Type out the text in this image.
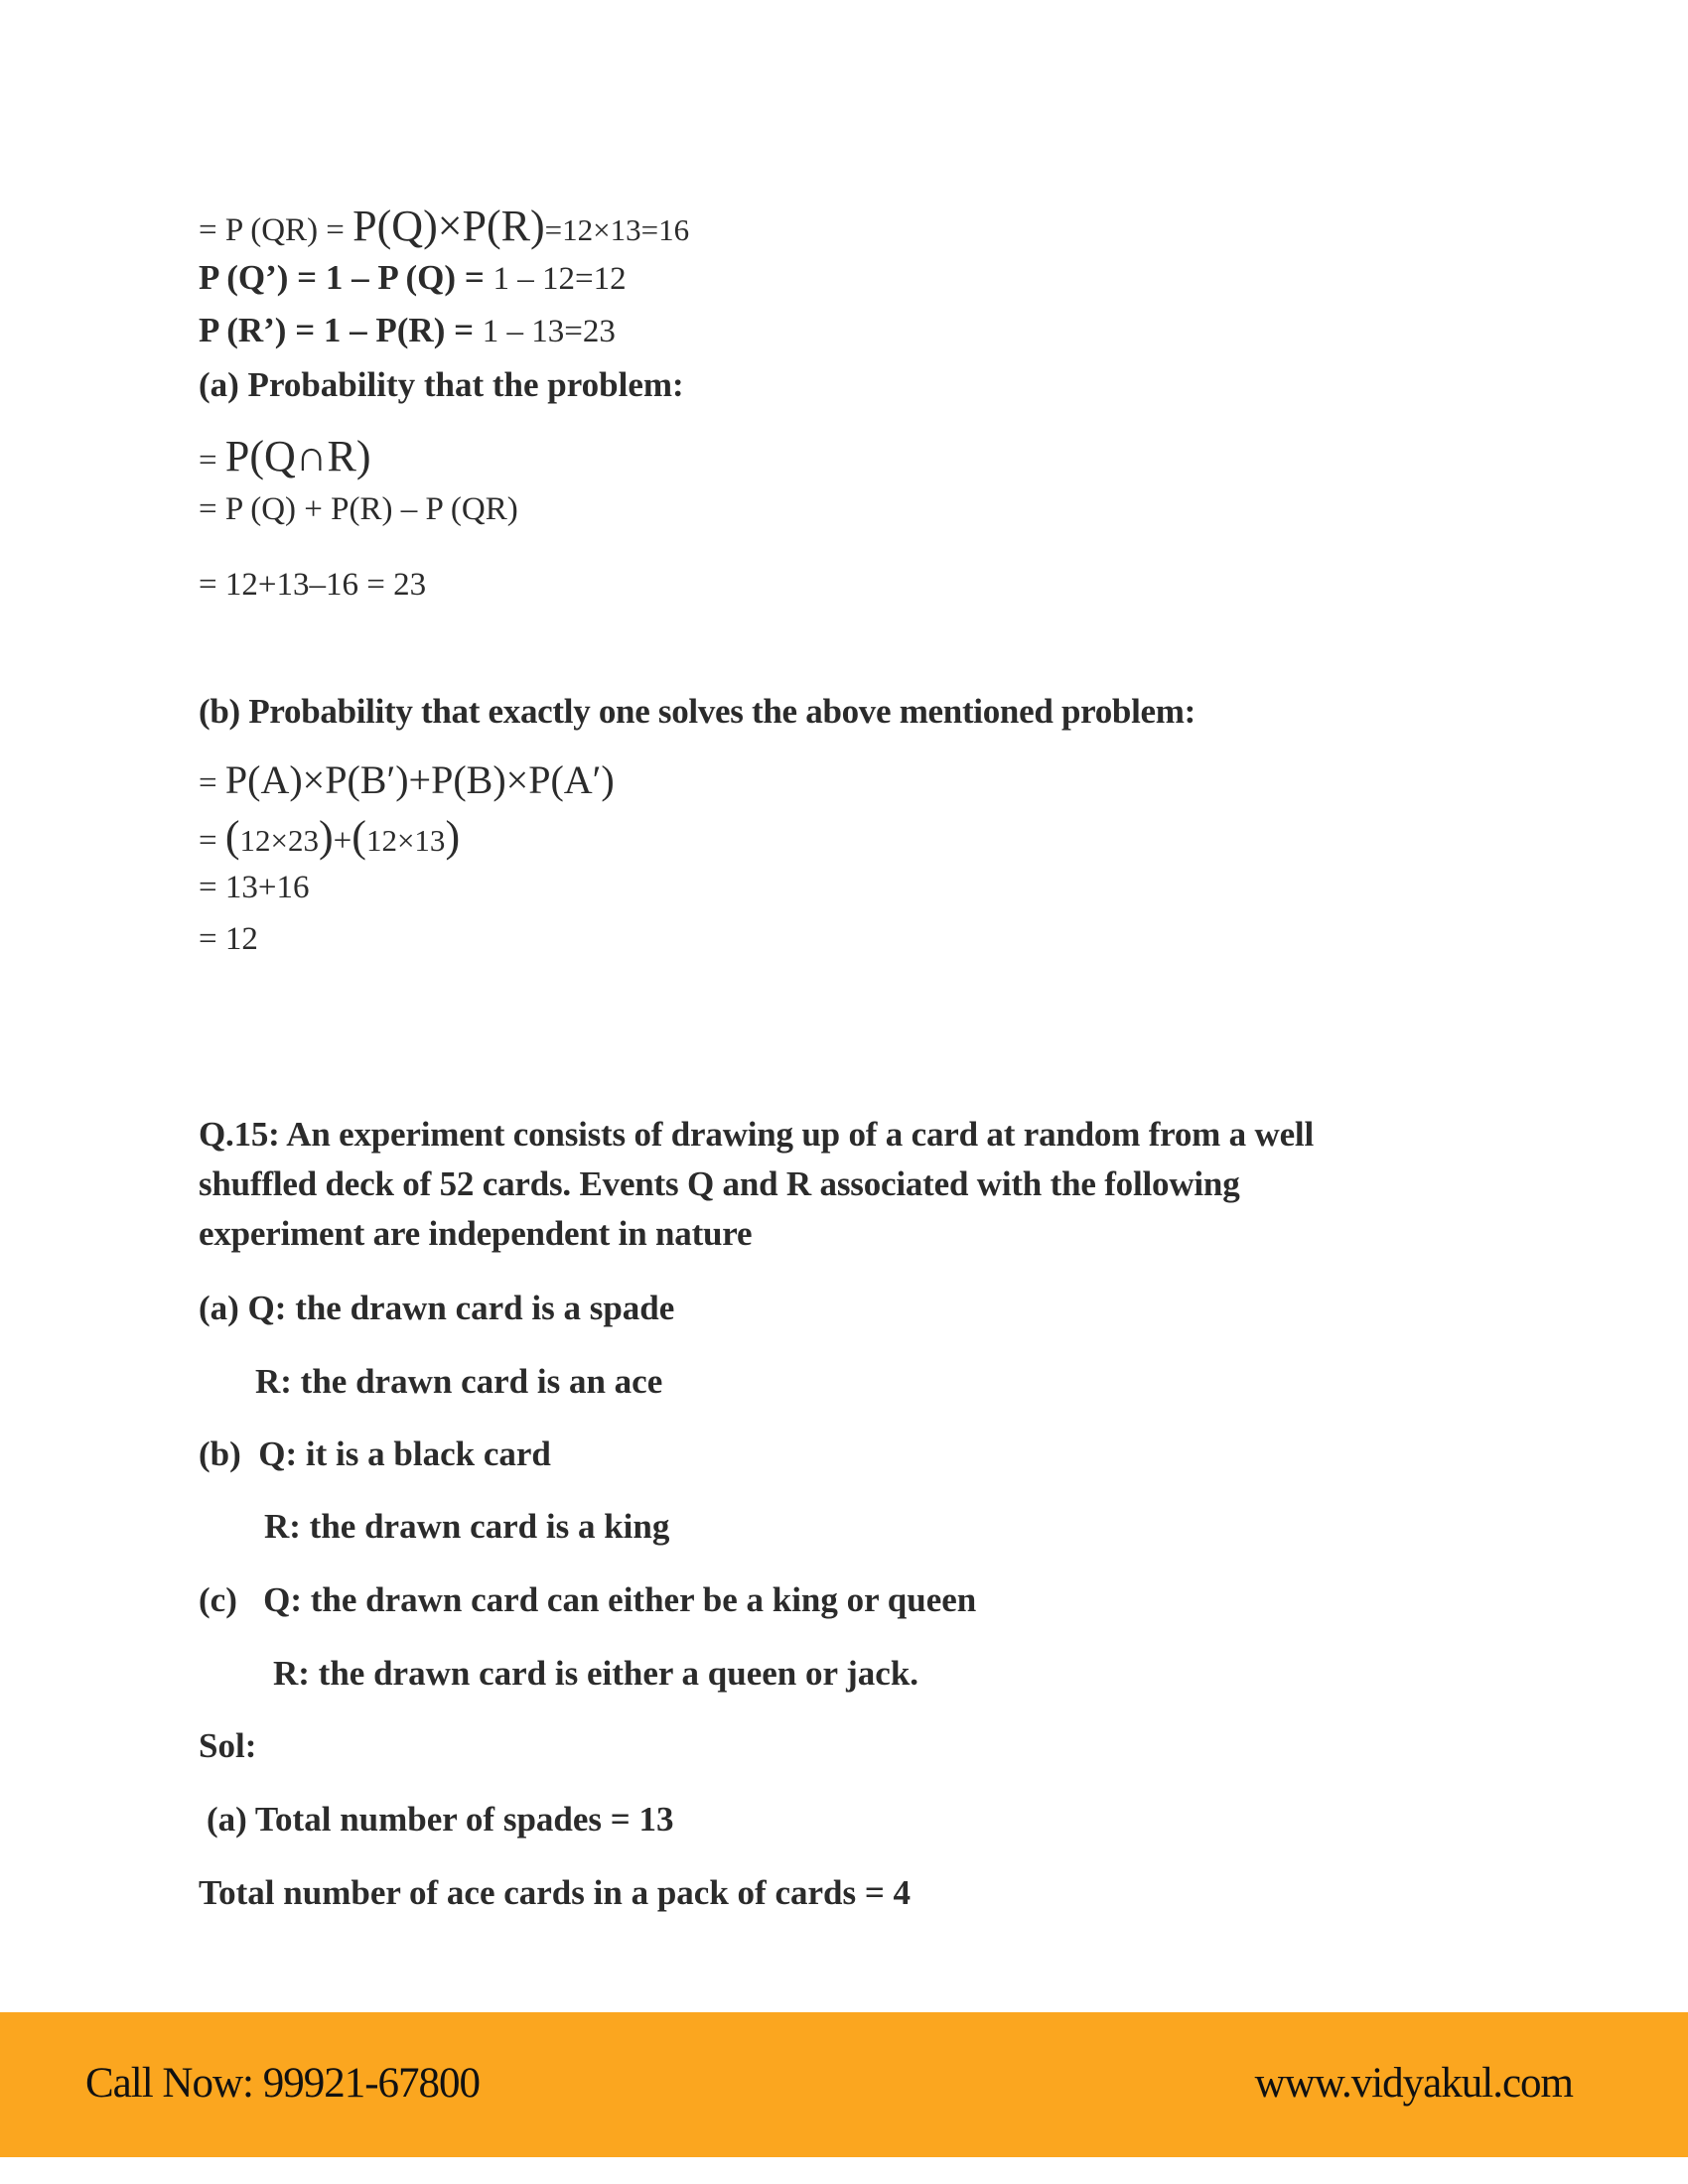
= P (QR) = P(Q)×P(R)=12×13=16
P (Q’) = 1 – P (Q) = 1 – 12=12
P (R’) = 1 – P(R) = 1 – 13=23
(a) Probability that the problem:
= P(Q∩R)
= P (Q) + P(R) – P (QR)
= 12+13–16 = 23
(b) Probability that exactly one solves the above mentioned problem:
= P(A)×P(B′)+P(B)×P(A′)
= (12×23)+(12×13)
= 13+16
= 12
Q.15: An experiment consists of drawing up of a card at random from a well
shuffled deck of 52 cards. Events Q and R associated with the following
experiment are independent in nature
(a) Q: the drawn card is a spade
R: the drawn card is an ace
(b)  Q: it is a black card
R: the drawn card is a king
(c)   Q: the drawn card can either be a king or queen
R: the drawn card is either a queen or jack.
Sol:
(a) Total number of spades = 13
Total number of ace cards in a pack of cards = 4
Call Now: 99921-67800	www.vidyakul.com
